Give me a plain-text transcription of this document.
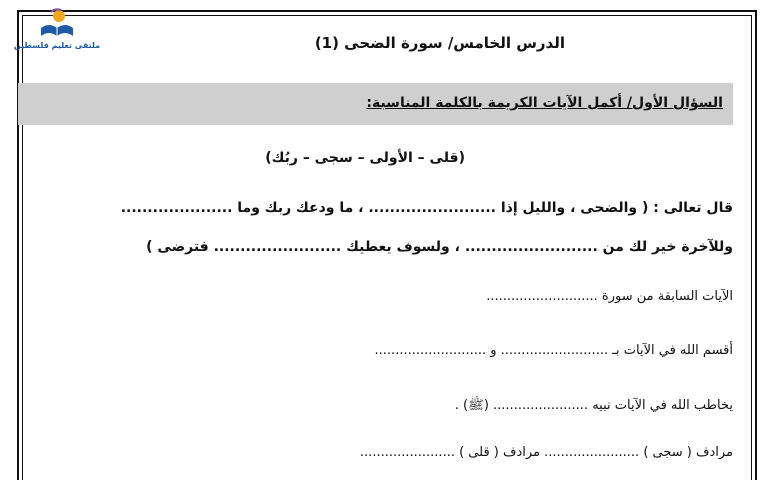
ملتقى تعليم فلسطين	الدرس الخامس/ سورة الضحى (1)
السؤال الأول/ أكمل الآيات الكريمة بالكلمة المناسبة:
(قلى – الأولى – سجى – ربُك)
قال تعالى : ( والضحى ، والليل إذا ........................ ، ما ودعك ربك وما .....................
وللآخرة خير لك من ......................... ، ولسوف يعطيك ........................ فترضى )
الآيات السابقة من سورة ...........................
أقسم الله في الآيات بـ .......................... و ...........................
يخاطب الله في الآيات نبيه ....................... (ﷺ) .
مرادف ( سجى ) ....................... مرادف ( قلى ) .......................
